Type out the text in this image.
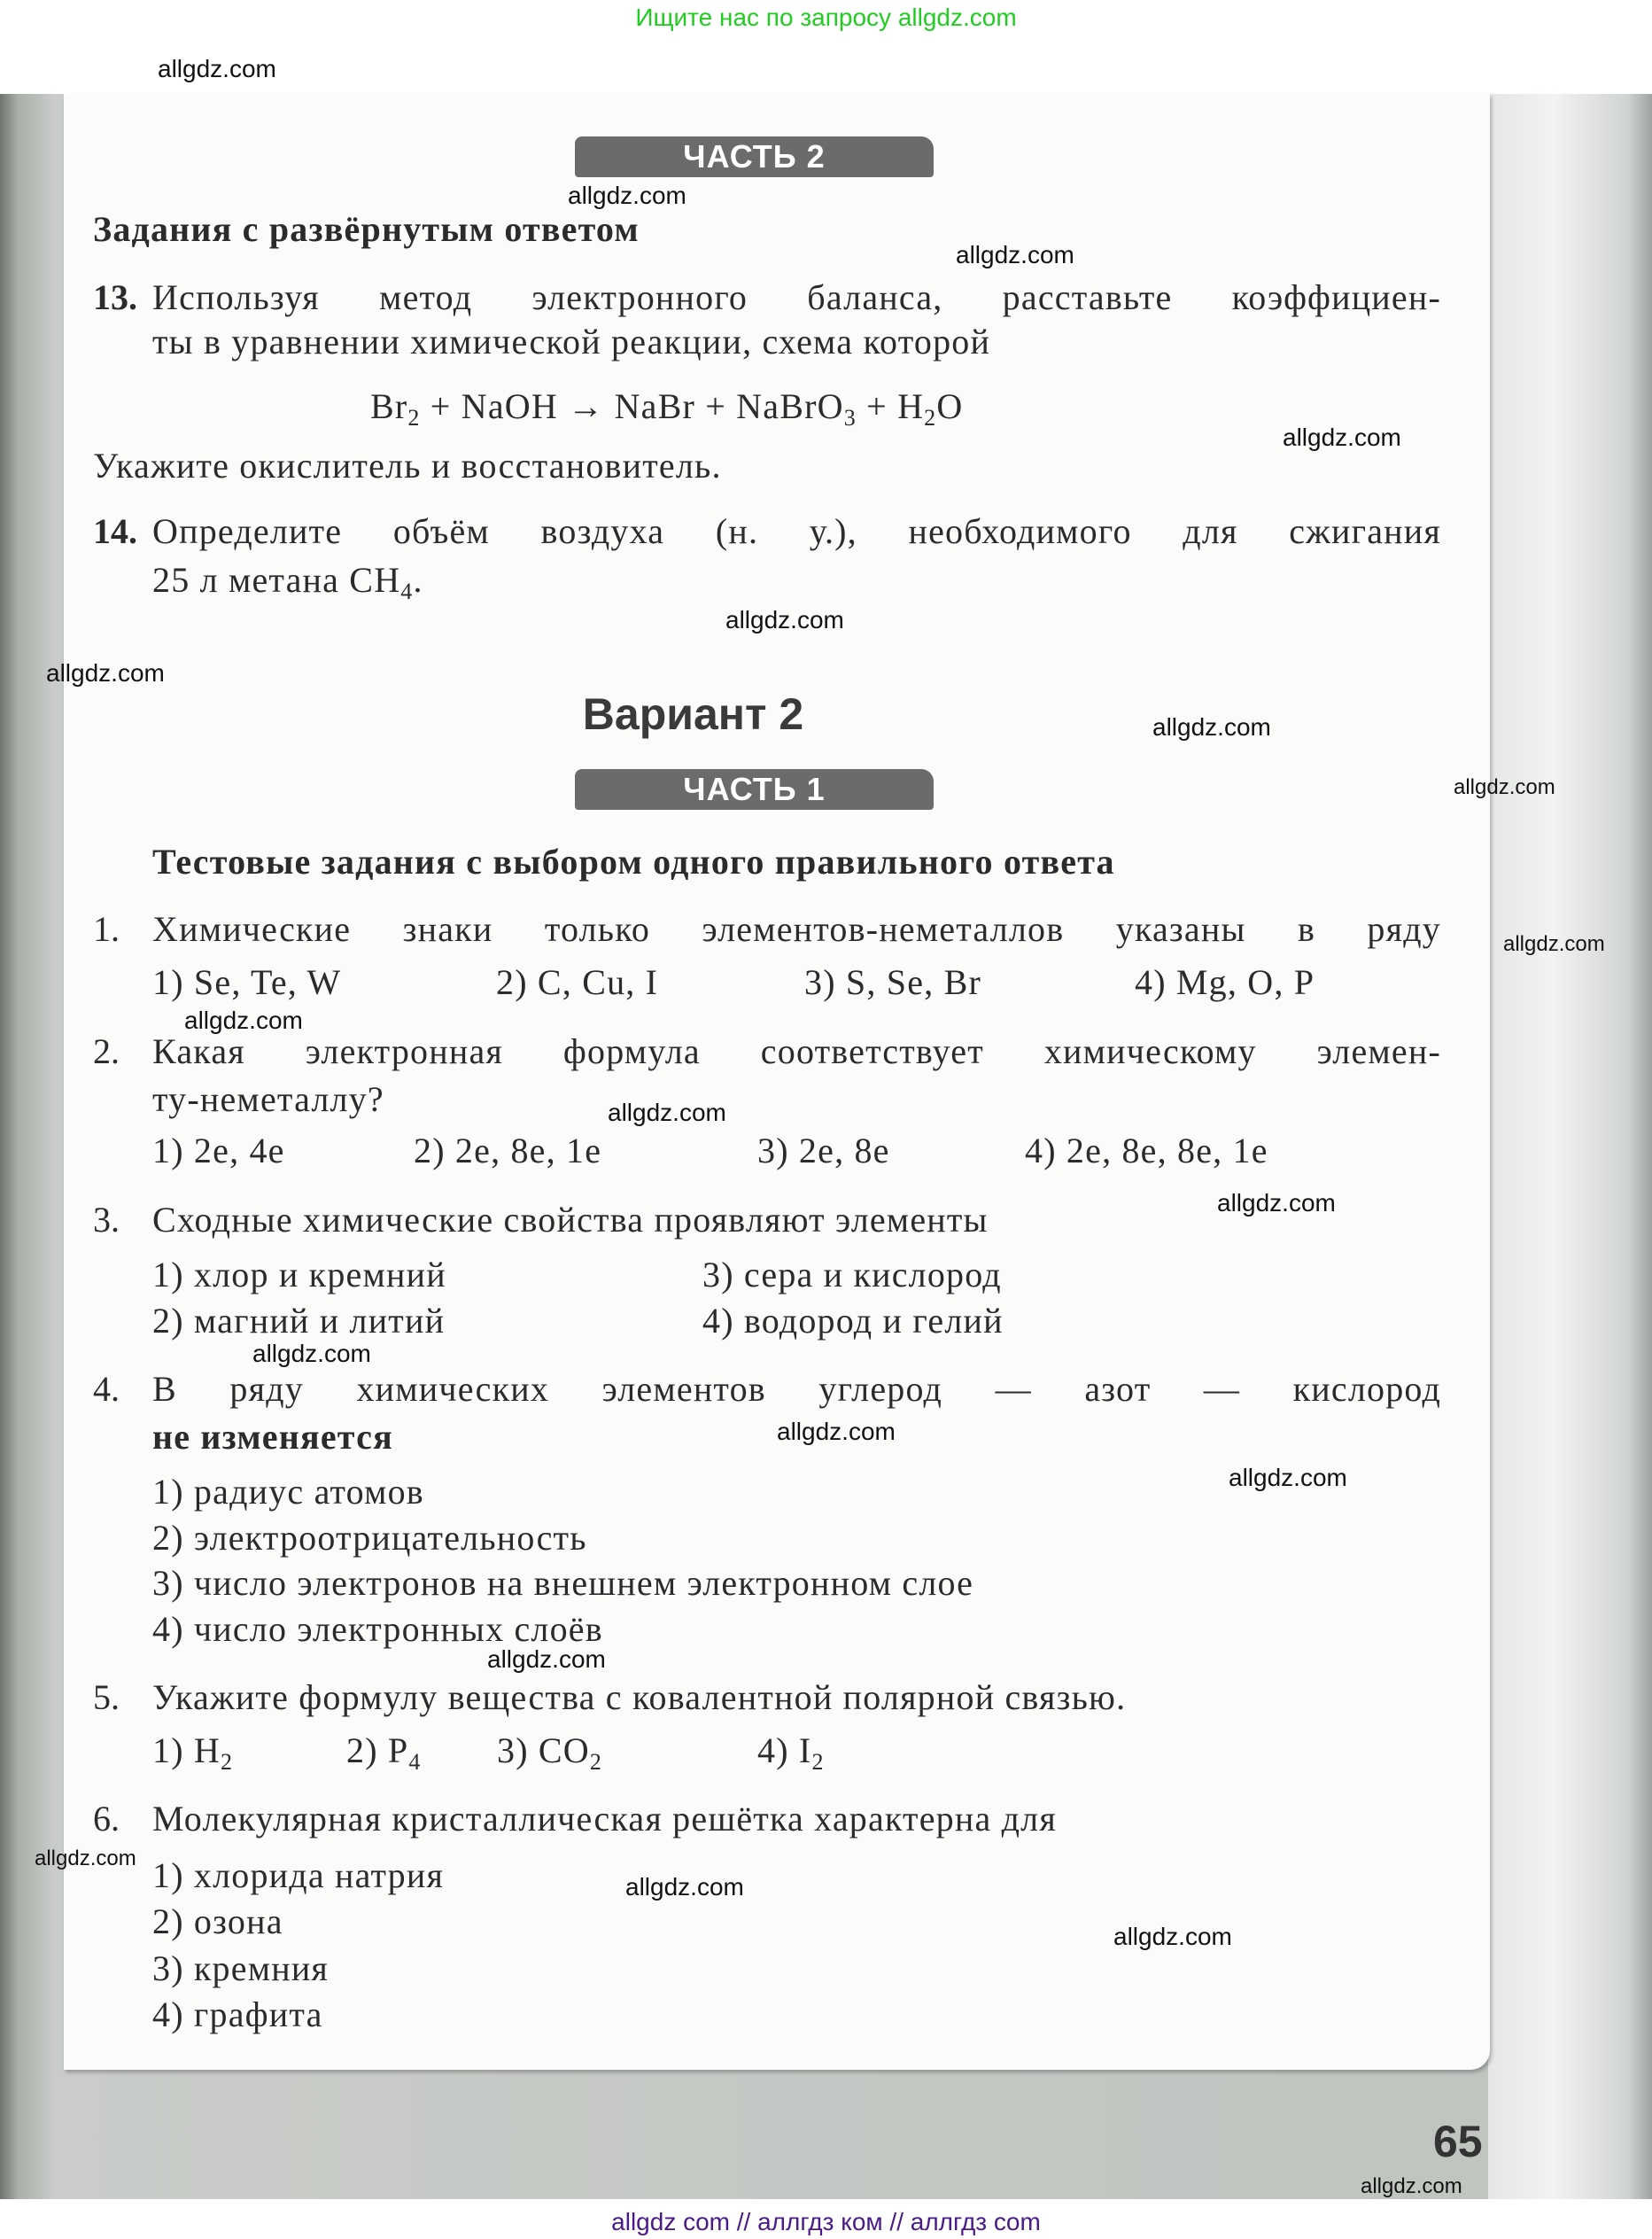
Ищите нас по запросу allgdz.com
ЧАСТЬ 2
Задания с развёрнутым ответом
13. Используя метод электронного баланса, расставьте коэффициен-
ты в уравнении химической реакции, схема которой
$Br_2$ + NaOH → NaBr + NaBrO$_3$ + $H_2O$
Укажите окислитель и восстановитель.
14. Определите объём воздуха (н. у.), необходимого для сжигания
25 л метана $CH_4$.
Вариант 2
ЧАСТЬ 1
Тестовые задания с выбором одного правильного ответа
1. Химические знаки только элементов-неметаллов указаны в ряду
1) Se, Te, W	2) C, Cu, I	3) S, Se, Br	4) Mg, O, P
2. Какая электронная формула соответствует химическому элемен-
ту-неметаллу?
1) 2e, 4e	2) 2e, 8e, 1e	3) 2e, 8e	4) 2e, 8e, 8e, 1e
3. Сходные химические свойства проявляют элементы
1) хлор и кремний
2) магний и литий
3) сера и кислород
4) водород и гелий
4. В ряду химических элементов углерод — азот — кислород
не изменяется
1) радиус атомов
2) электроотрицательность
3) число электронов на внешнем электронном слое
4) число электронных слоёв
5. Укажите формулу вещества с ковалентной полярной связью.
1) $H_2$	2) $P_4$ 3) $CO_2$	4) $I_2$
6. Молекулярная кристаллическая решётка характерна для
1) хлорида натрия
2) озона
3) кремния
4) графита
65
allgdz.com
allgdz.com
allgdz.com
allgdz.com
allgdz.com
allgdz.com
allgdz.com
allgdz.com
allgdz.com
allgdz.com
allgdz.com
allgdz.com
allgdz.com
allgdz.com
allgdz.com
allgdz.com
allgdz.com
allgdz.com
allgdz.com
allgdz.com
allgdz com // аллгдз ком // аллгдз com
